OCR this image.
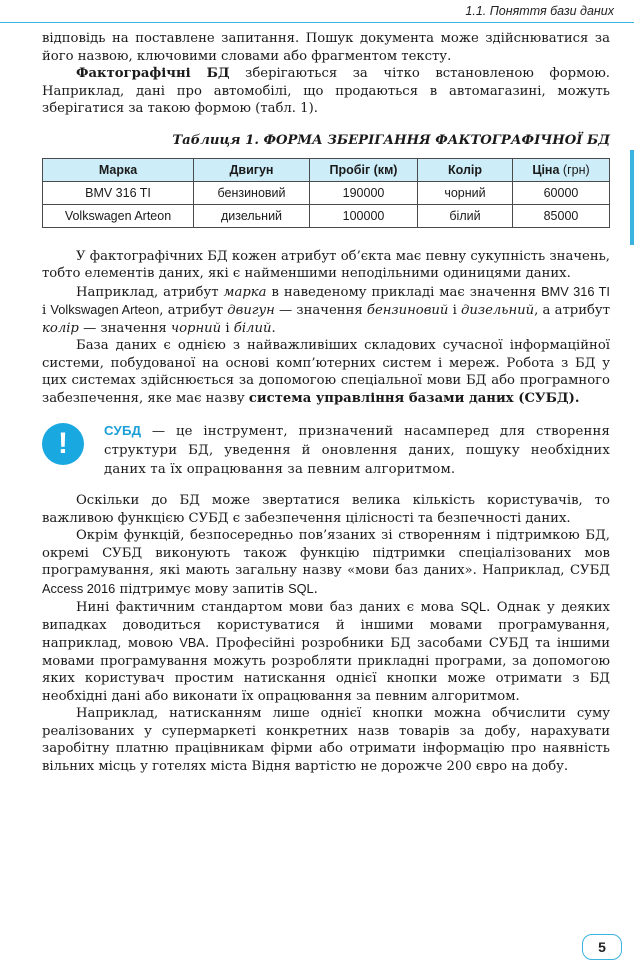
1.1. Поняття бази даних

відповідь на поставлене запитання. Пошук документа може здійснюватися за його назвою, ключовими словами або фрагментом тексту.

Фактографічні БД зберігаються за чітко встановленою формою. Наприклад, дані про автомобілі, що продаються в автомагазині, можуть зберігатися за такою формою (табл. 1).

Таблиця 1. ФОРМА ЗБЕРІГАННЯ ФАКТОГРАФІЧНОЇ БД
Марка	Двигун	Пробіг (км)	Колір	Ціна (грн)
BMV 316 TI	бензиновий	190000	чорний	60000
Volkswagen Arteon	дизельний	100000	білий	85000

У фактографічних БД кожен атрибут об’єкта має певну сукупність значень, тобто елементів даних, які є найменшими неподільними одиницями даних.

Наприклад, атрибут марка в наведеному прикладі має значення BMV 316 TI і Volkswagen Arteon, атрибут двигун — значення бензиновий і дизельний, а атрибут колір — значення чорний і білий.

База даних є однією з найважливіших складових сучасної інформаційної системи, побудованої на основі комп’ютерних систем і мереж. Робота з БД у цих системах здійснюється за допомогою спеціальної мови БД або програмного забезпечення, яке має назву система управління базами даних (СУБД).

!	СУБД — це інструмент, призначений насамперед для створення структури БД, уведення й оновлення даних, пошуку необхідних даних та їх опрацювання за певним алгоритмом.

Оскільки до БД може звертатися велика кількість користувачів, то важливою функцією СУБД є забезпечення цілісності та безпечності даних.

Окрім функцій, безпосередньо пов’язаних зі створенням і підтримкою БД, окремі СУБД виконують також функцію підтримки спеціалізованих мов програмування, які мають загальну назву «мови баз даних». Наприклад, СУБД Access 2016 підтримує мову запитів SQL.

Нині фактичним стандартом мови баз даних є мова SQL. Однак у деяких випадках доводиться користуватися й іншими мовами програмування, наприклад, мовою VBA. Професійні розробники БД засобами СУБД та іншими мовами програмування можуть розробляти прикладні програми, за допомогою яких користувач простим натискання однієї кнопки може отримати з БД необхідні дані або виконати їх опрацювання за певним алгоритмом.

Наприклад, натисканням лише однієї кнопки можна обчислити суму реалізованих у супермаркеті конкретних назв товарів за добу, нарахувати заробітну платню працівникам фірми або отримати інформацію про наявність вільних місць у готелях міста Відня вартістю не дорожче 200 євро на добу.

5
